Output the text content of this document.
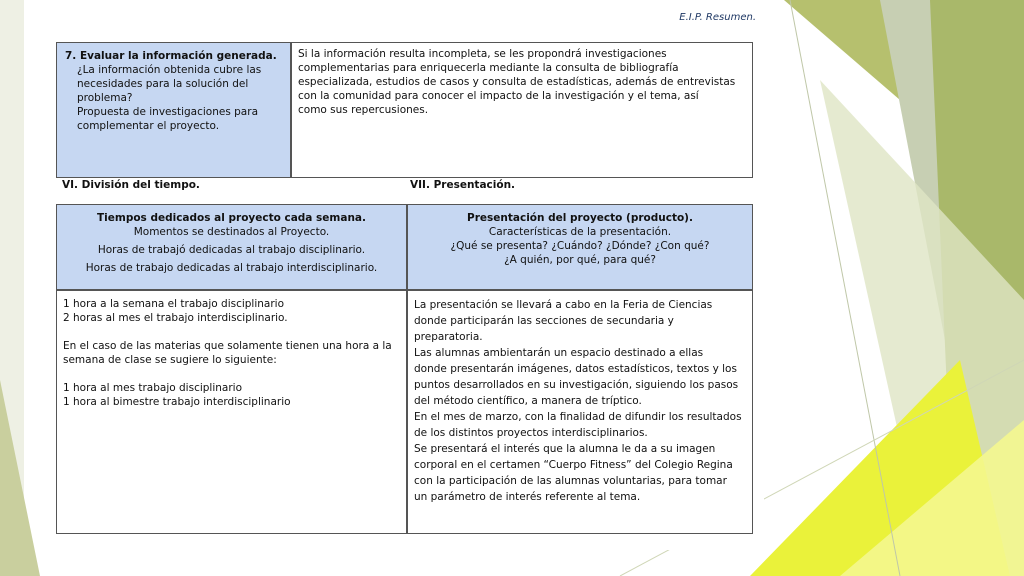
E.I.P. Resumen.
7. Evaluar la información generada.
¿La información obtenida cubre las
necesidades para la solución del
problema?
Propuesta de investigaciones para
complementar el proyecto.
Si la información resulta incompleta, se les propondrá investigaciones
complementarias para enriquecerla mediante la consulta de bibliografía
especializada, estudios de casos y consulta de estadísticas, además de entrevistas
con la comunidad para conocer el impacto de la investigación y el tema, así
como sus repercusiones.
VI. División del tiempo.	VII. Presentación.
Tiempos dedicados al proyecto cada semana.
Momentos se destinados al Proyecto.
Horas de trabajó dedicadas al trabajo disciplinario.
Horas de trabajo dedicadas al trabajo interdisciplinario.
Presentación del proyecto (producto).
Características de la presentación.
¿Qué se presenta? ¿Cuándo? ¿Dónde? ¿Con qué?
¿A quién, por qué, para qué?
1 hora a la semana el trabajo disciplinario
2 horas al mes el trabajo interdisciplinario.
En el caso de las materias que solamente tienen una hora a la
semana de clase se sugiere lo siguiente:
1 hora al mes trabajo disciplinario
1 hora al bimestre trabajo interdisciplinario
La presentación se llevará a cabo en la Feria de Ciencias
donde participarán las secciones de secundaria y
preparatoria.
Las alumnas ambientarán un espacio destinado a ellas
donde presentarán imágenes, datos estadísticos, textos y los
puntos desarrollados en su investigación, siguiendo los pasos
del método científico, a manera de tríptico.
En el mes de marzo, con la finalidad de difundir los resultados
de los distintos proyectos interdisciplinarios.
Se presentará el interés que la alumna le da a su imagen
corporal en el certamen “Cuerpo Fitness” del Colegio Regina
con la participación de las alumnas voluntarias, para tomar
un parámetro de interés referente al tema.
